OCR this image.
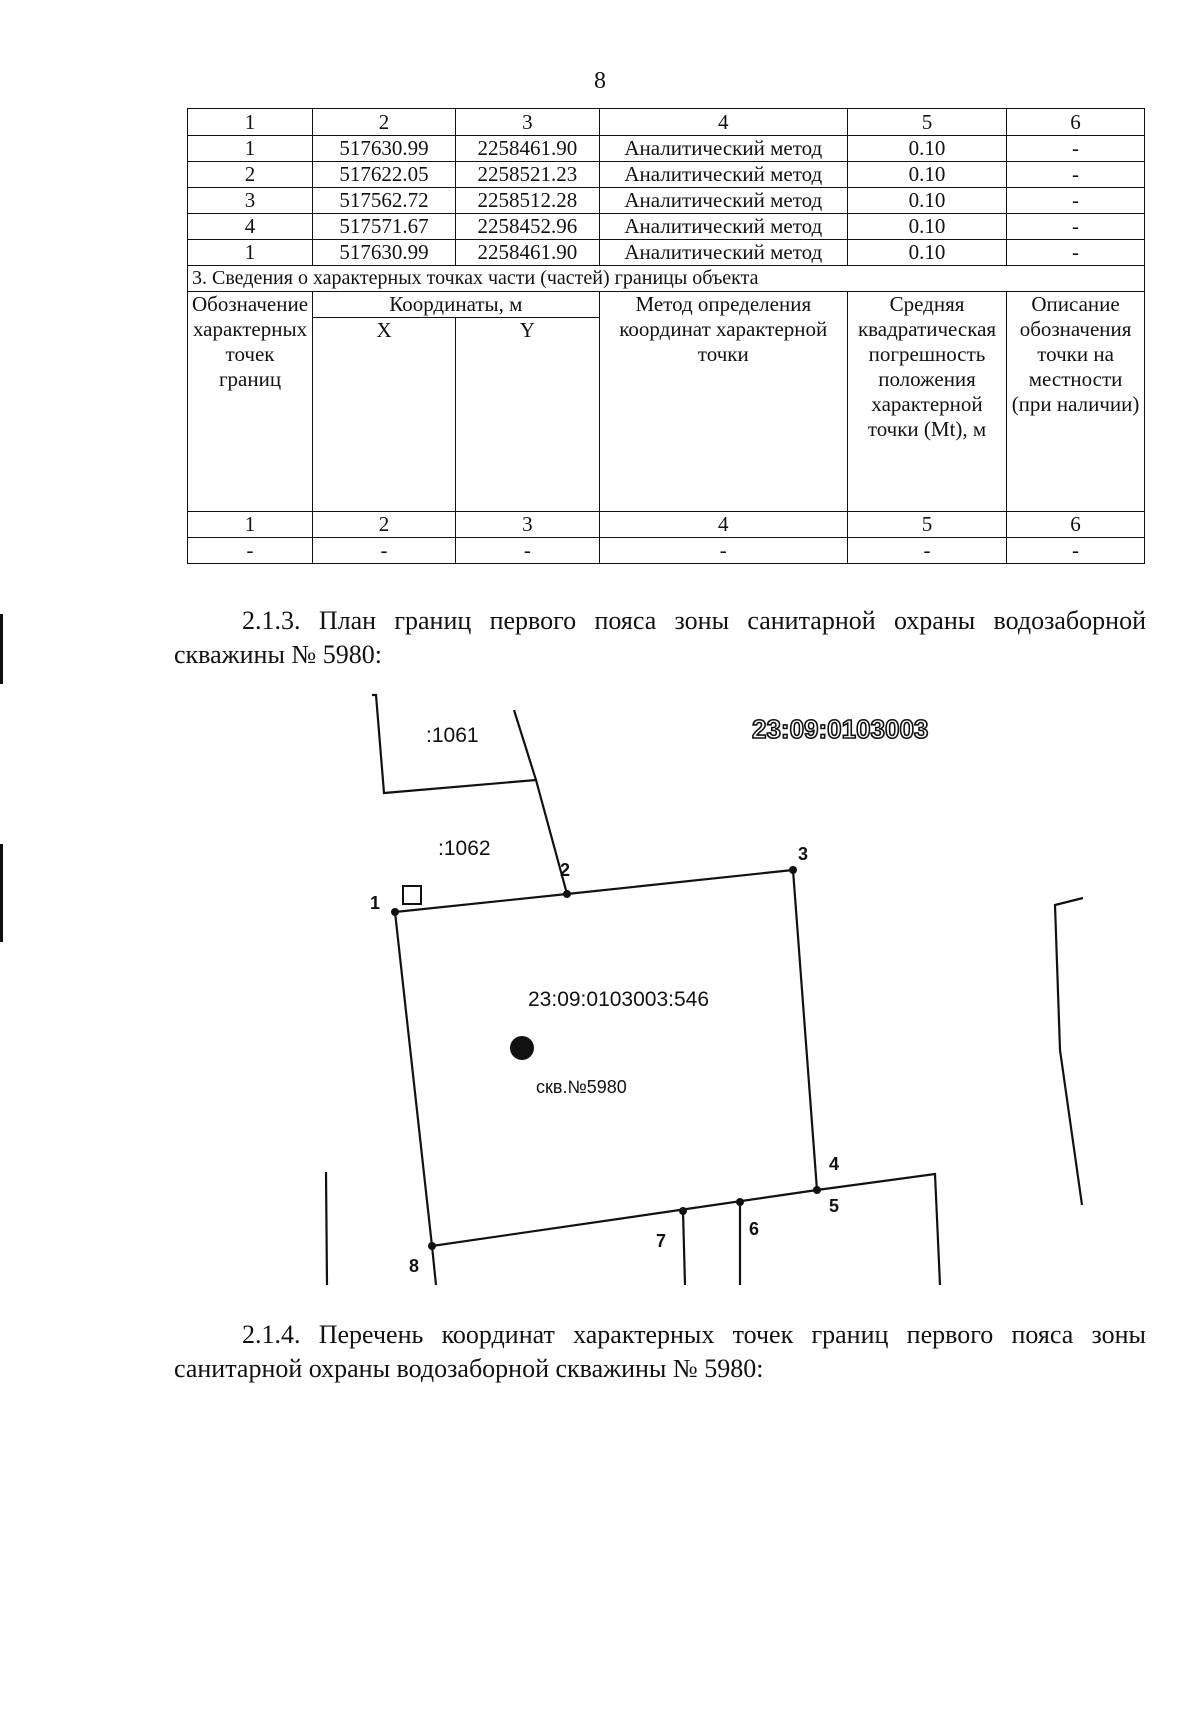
8
1	2	3	4	5	6
1	517630.99	2258461.90	Аналитический метод	0.10	-
2	517622.05	2258521.23	Аналитический метод	0.10	-
3	517562.72	2258512.28	Аналитический метод	0.10	-
4	517571.67	2258452.96	Аналитический метод	0.10	-
1	517630.99	2258461.90	Аналитический метод	0.10	-
3. Сведения о характерных точках части (частей) границы объекта					
Обозначение характерных точек границ	Координаты, м		Метод определения координат характерной точки	Средняя квадратическая погрешность положения характерной точки (Mt), м	Описание обозначения точки на местности (при наличии)
	X	Y			
1	2	3	4	5	6
-	-	-	-	-	-
2.1.3. План границ первого пояса зоны санитарной охраны водозаборной скважины № 5980:
23:09:0103003
:1061
:1062
23:09:0103003:546
скв.№5980
1
2
3
4
5
6
7
8
2.1.4. Перечень координат характерных точек границ первого пояса зоны санитарной охраны водозаборной скважины № 5980:
